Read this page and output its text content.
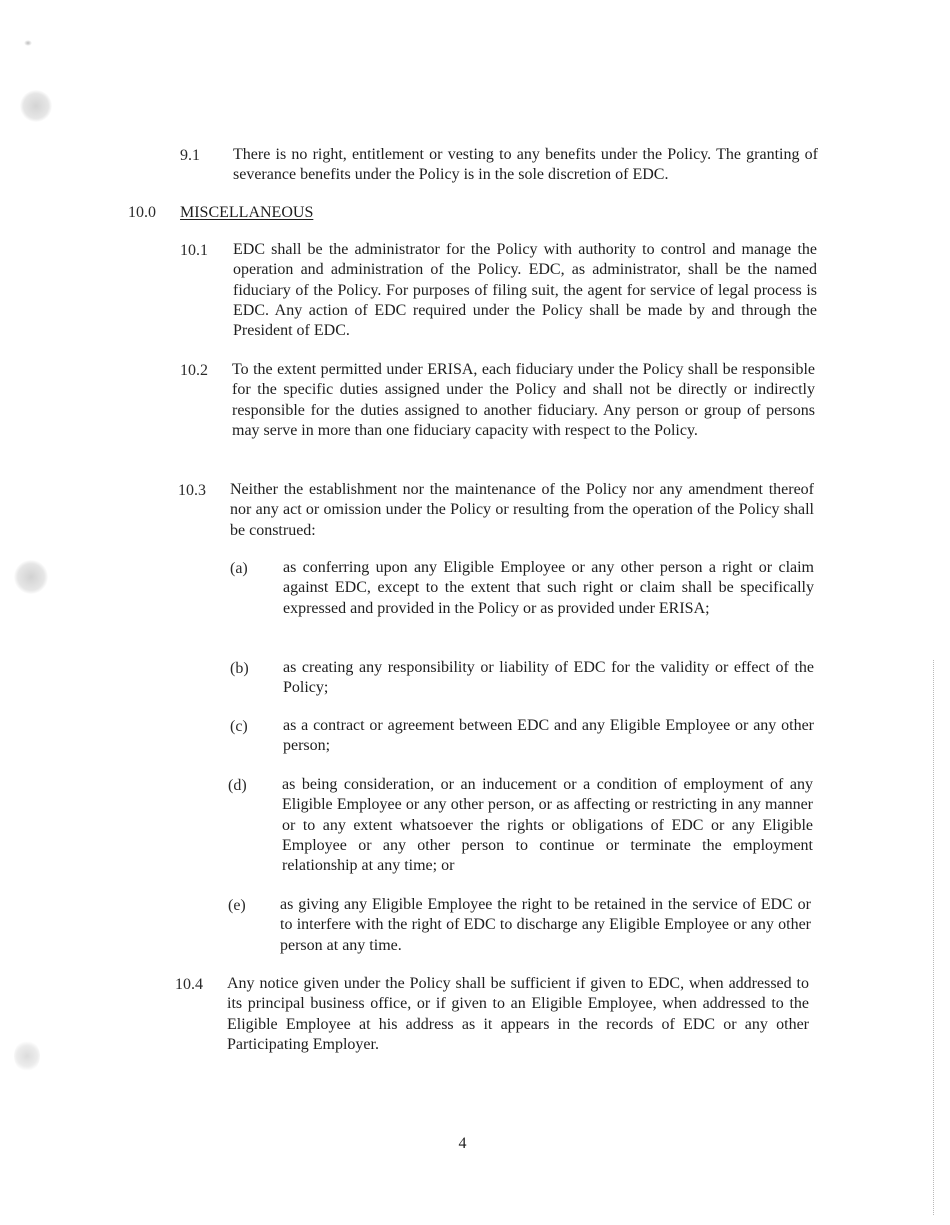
9.1 There is no right, entitlement or vesting to any benefits under the Policy. The granting of severance benefits under the Policy is in the sole discretion of EDC.
10.0 MISCELLANEOUS
10.1 EDC shall be the administrator for the Policy with authority to control and manage the operation and administration of the Policy. EDC, as administrator, shall be the named fiduciary of the Policy. For purposes of filing suit, the agent for service of legal process is EDC. Any action of EDC required under the Policy shall be made by and through the President of EDC.
10.2 To the extent permitted under ERISA, each fiduciary under the Policy shall be responsible for the specific duties assigned under the Policy and shall not be directly or indirectly responsible for the duties assigned to another fiduciary. Any person or group of persons may serve in more than one fiduciary capacity with respect to the Policy.
10.3 Neither the establishment nor the maintenance of the Policy nor any amendment thereof nor any act or omission under the Policy or resulting from the operation of the Policy shall be construed:
(a) as conferring upon any Eligible Employee or any other person a right or claim against EDC, except to the extent that such right or claim shall be specifically expressed and provided in the Policy or as provided under ERISA;
(b) as creating any responsibility or liability of EDC for the validity or effect of the Policy;
(c) as a contract or agreement between EDC and any Eligible Employee or any other person;
(d) as being consideration, or an inducement or a condition of employment of any Eligible Employee or any other person, or as affecting or restricting in any manner or to any extent whatsoever the rights or obligations of EDC or any Eligible Employee or any other person to continue or terminate the employment relationship at any time; or
(e) as giving any Eligible Employee the right to be retained in the service of EDC or to interfere with the right of EDC to discharge any Eligible Employee or any other person at any time.
10.4 Any notice given under the Policy shall be sufficient if given to EDC, when addressed to its principal business office, or if given to an Eligible Employee, when addressed to the Eligible Employee at his address as it appears in the records of EDC or any other Participating Employer.
4
